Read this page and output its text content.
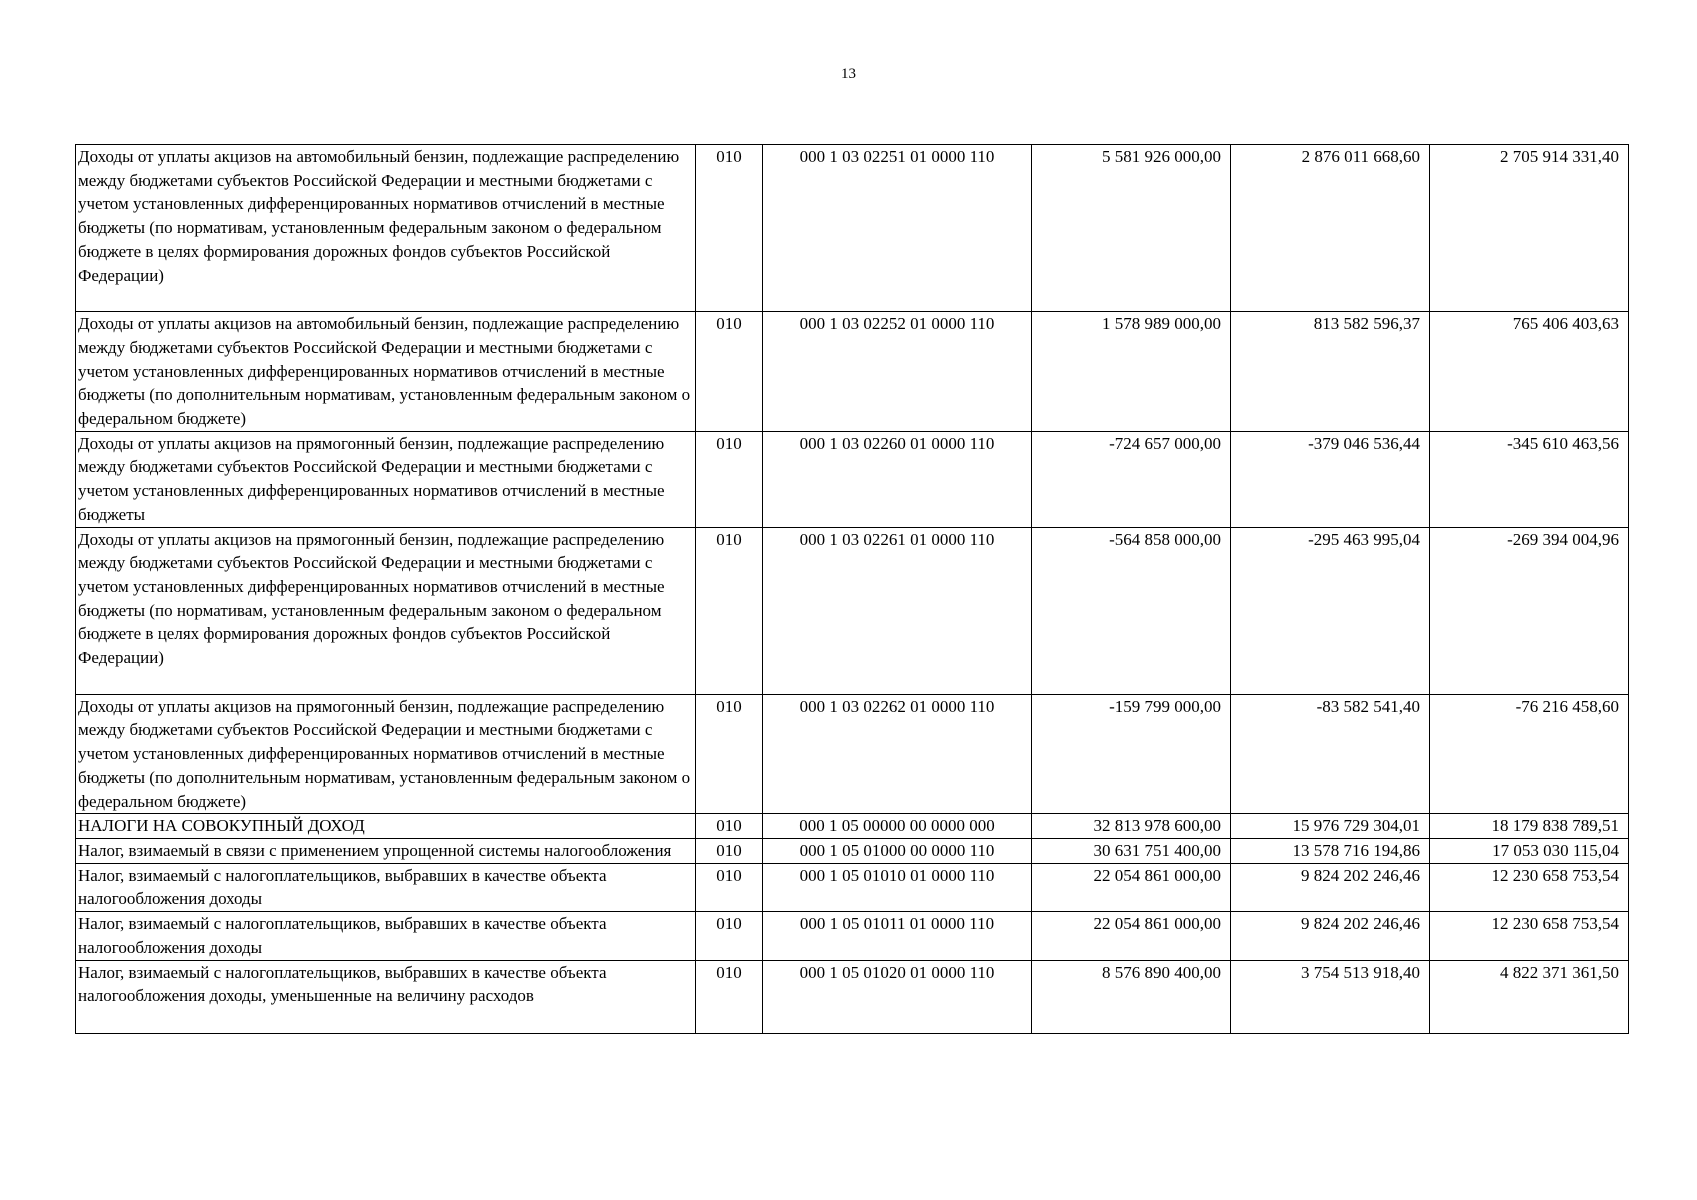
13
Доходы от уплаты акцизов на автомобильный бензин, подлежащие распределению между бюджетами субъектов Российской Федерации и местными бюджетами с учетом установленных дифференцированных нормативов отчислений в местные бюджеты (по нормативам, установленным федеральным законом о федеральном бюджете в целях формирования дорожных фондов субъектов Российской Федерации)	010	000 1 03 02251 01 0000 110	5 581 926 000,00	2 876 011 668,60	2 705 914 331,40
Доходы от уплаты акцизов на автомобильный бензин, подлежащие распределению между бюджетами субъектов Российской Федерации и местными бюджетами с учетом установленных дифференцированных нормативов отчислений в местные бюджеты (по дополнительным нормативам, установленным федеральным законом о федеральном бюджете)	010	000 1 03 02252 01 0000 110	1 578 989 000,00	813 582 596,37	765 406 403,63
Доходы от уплаты акцизов на прямогонный бензин, подлежащие распределению между бюджетами субъектов Российской Федерации и местными бюджетами с учетом установленных дифференцированных нормативов отчислений в местные бюджеты	010	000 1 03 02260 01 0000 110	-724 657 000,00	-379 046 536,44	-345 610 463,56
Доходы от уплаты акцизов на прямогонный бензин, подлежащие распределению между бюджетами субъектов Российской Федерации и местными бюджетами с учетом установленных дифференцированных нормативов отчислений в местные бюджеты (по нормативам, установленным федеральным законом о федеральном бюджете в целях формирования дорожных фондов субъектов Российской Федерации)	010	000 1 03 02261 01 0000 110	-564 858 000,00	-295 463 995,04	-269 394 004,96
Доходы от уплаты акцизов на прямогонный бензин, подлежащие распределению между бюджетами субъектов Российской Федерации и местными бюджетами с учетом установленных дифференцированных нормативов отчислений в местные бюджеты (по дополнительным нормативам, установленным федеральным законом о федеральном бюджете)	010	000 1 03 02262 01 0000 110	-159 799 000,00	-83 582 541,40	-76 216 458,60
НАЛОГИ НА СОВОКУПНЫЙ ДОХОД	010	000 1 05 00000 00 0000 000	32 813 978 600,00	15 976 729 304,01	18 179 838 789,51
Налог, взимаемый в связи с применением упрощенной системы налогообложения	010	000 1 05 01000 00 0000 110	30 631 751 400,00	13 578 716 194,86	17 053 030 115,04
Налог, взимаемый с налогоплательщиков, выбравших в качестве объекта налогообложения доходы	010	000 1 05 01010 01 0000 110	22 054 861 000,00	9 824 202 246,46	12 230 658 753,54
Налог, взимаемый с налогоплательщиков, выбравших в качестве объекта налогообложения доходы	010	000 1 05 01011 01 0000 110	22 054 861 000,00	9 824 202 246,46	12 230 658 753,54
Налог, взимаемый с налогоплательщиков, выбравших в качестве объекта налогообложения доходы, уменьшенные на величину расходов	010	000 1 05 01020 01 0000 110	8 576 890 400,00	3 754 513 918,40	4 822 371 361,50
